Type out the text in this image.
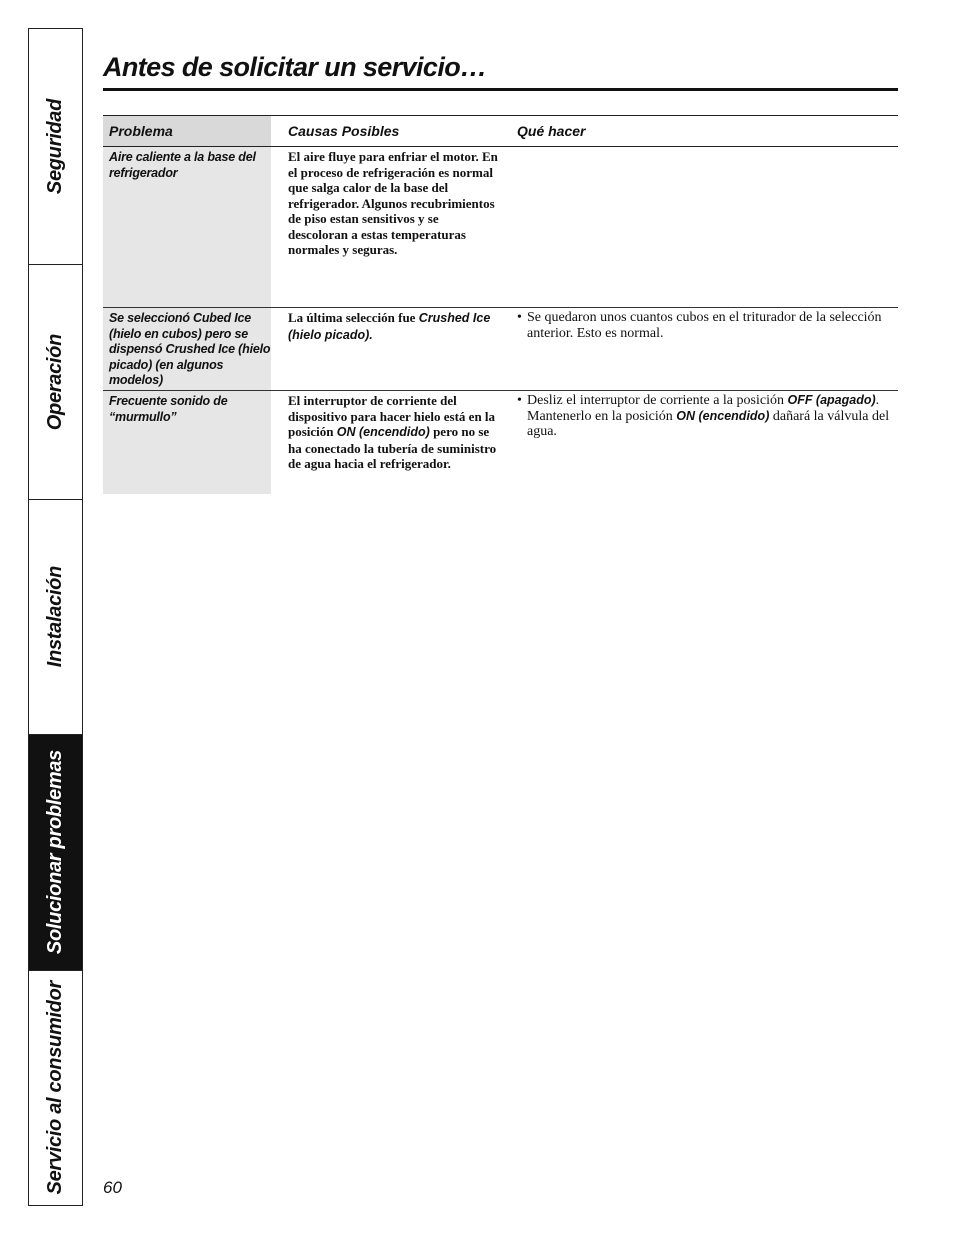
Seguridad
Operación
Instalación
Solucionar problemas
Servicio al consumidor
Antes de solicitar un servicio…
Problema	Causas Posibles	Qué hacer
Aire caliente a la base del refrigerador
El aire fluye para enfriar el motor. En el proceso de refrigeración es normal que salga calor de la base del refrigerador. Algunos recubrimientos de piso estan sensitivos y se descoloran a estas temperaturas normales y seguras.
Se seleccionó Cubed Ice (hielo en cubos) pero se dispensó Crushed Ice (hielo picado) (en algunos modelos)
La última selección fue Crushed Ice (hielo picado).
• Se quedaron unos cuantos cubos en el triturador de la selección anterior. Esto es normal.
Frecuente sonido de “murmullo”
El interruptor de corriente del dispositivo para hacer hielo está en la posición ON (encendido) pero no se ha conectado la tubería de suministro de agua hacia el refrigerador.
• Desliz el interruptor de corriente a la posición OFF (apagado). Mantenerlo en la posición ON (encendido) dañará la válvula del agua.
60
